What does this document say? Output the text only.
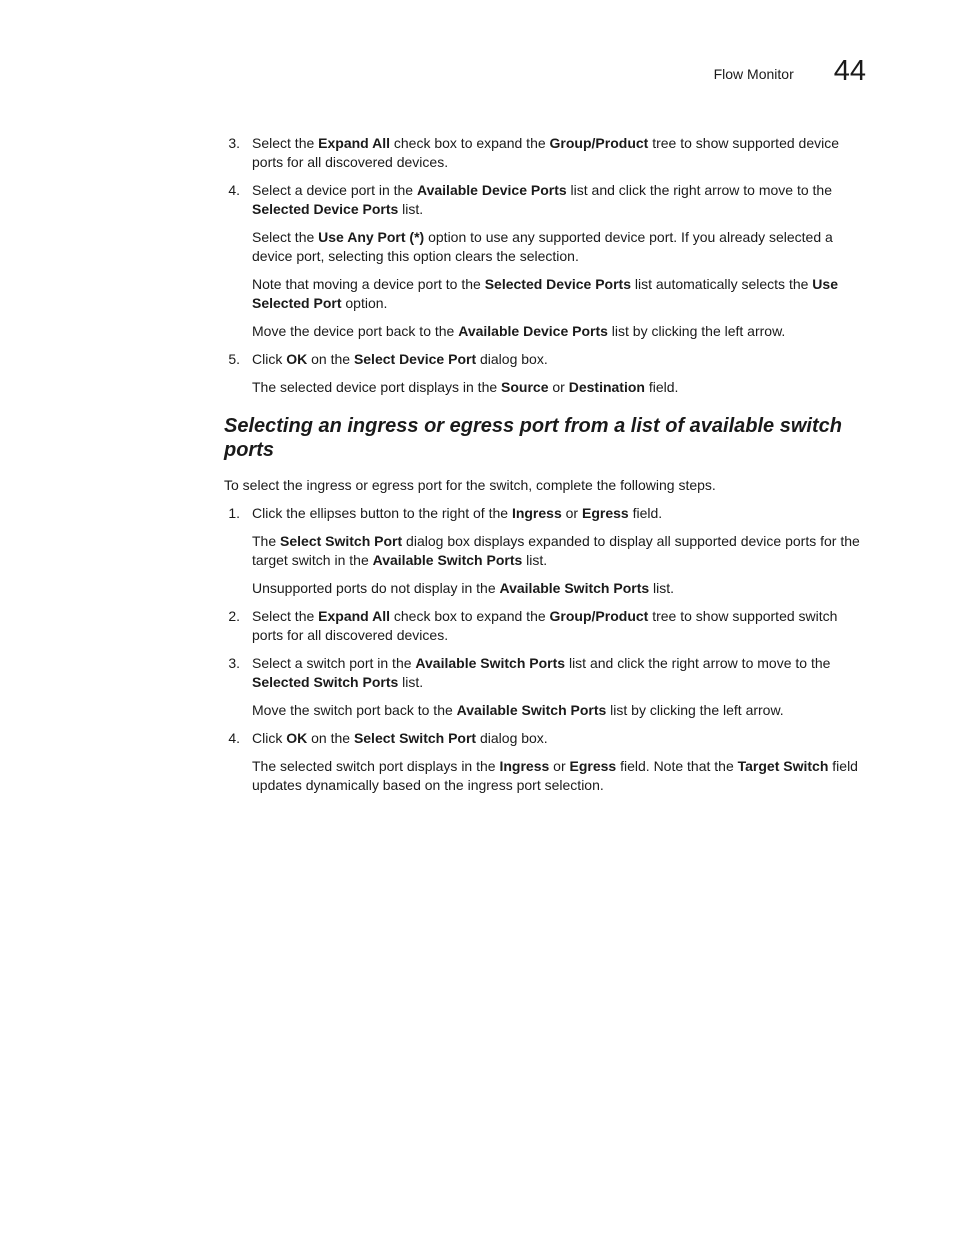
Flow Monitor 44
3. Select the Expand All check box to expand the Group/Product tree to show supported device ports for all discovered devices.

4. Select a device port in the Available Device Ports list and click the right arrow to move to the Selected Device Ports list.

Select the Use Any Port (*) option to use any supported device port. If you already selected a device port, selecting this option clears the selection.

Note that moving a device port to the Selected Device Ports list automatically selects the Use Selected Port option.

Move the device port back to the Available Device Ports list by clicking the left arrow.

5. Click OK on the Select Device Port dialog box.

The selected device port displays in the Source or Destination field.

Selecting an ingress or egress port from a list of available switch ports

To select the ingress or egress port for the switch, complete the following steps.

1. Click the ellipses button to the right of the Ingress or Egress field.

The Select Switch Port dialog box displays expanded to display all supported device ports for the target switch in the Available Switch Ports list.

Unsupported ports do not display in the Available Switch Ports list.

2. Select the Expand All check box to expand the Group/Product tree to show supported switch ports for all discovered devices.

3. Select a switch port in the Available Switch Ports list and click the right arrow to move to the Selected Switch Ports list.

Move the switch port back to the Available Switch Ports list by clicking the left arrow.

4. Click OK on the Select Switch Port dialog box.

The selected switch port displays in the Ingress or Egress field. Note that the Target Switch field updates dynamically based on the ingress port selection.
